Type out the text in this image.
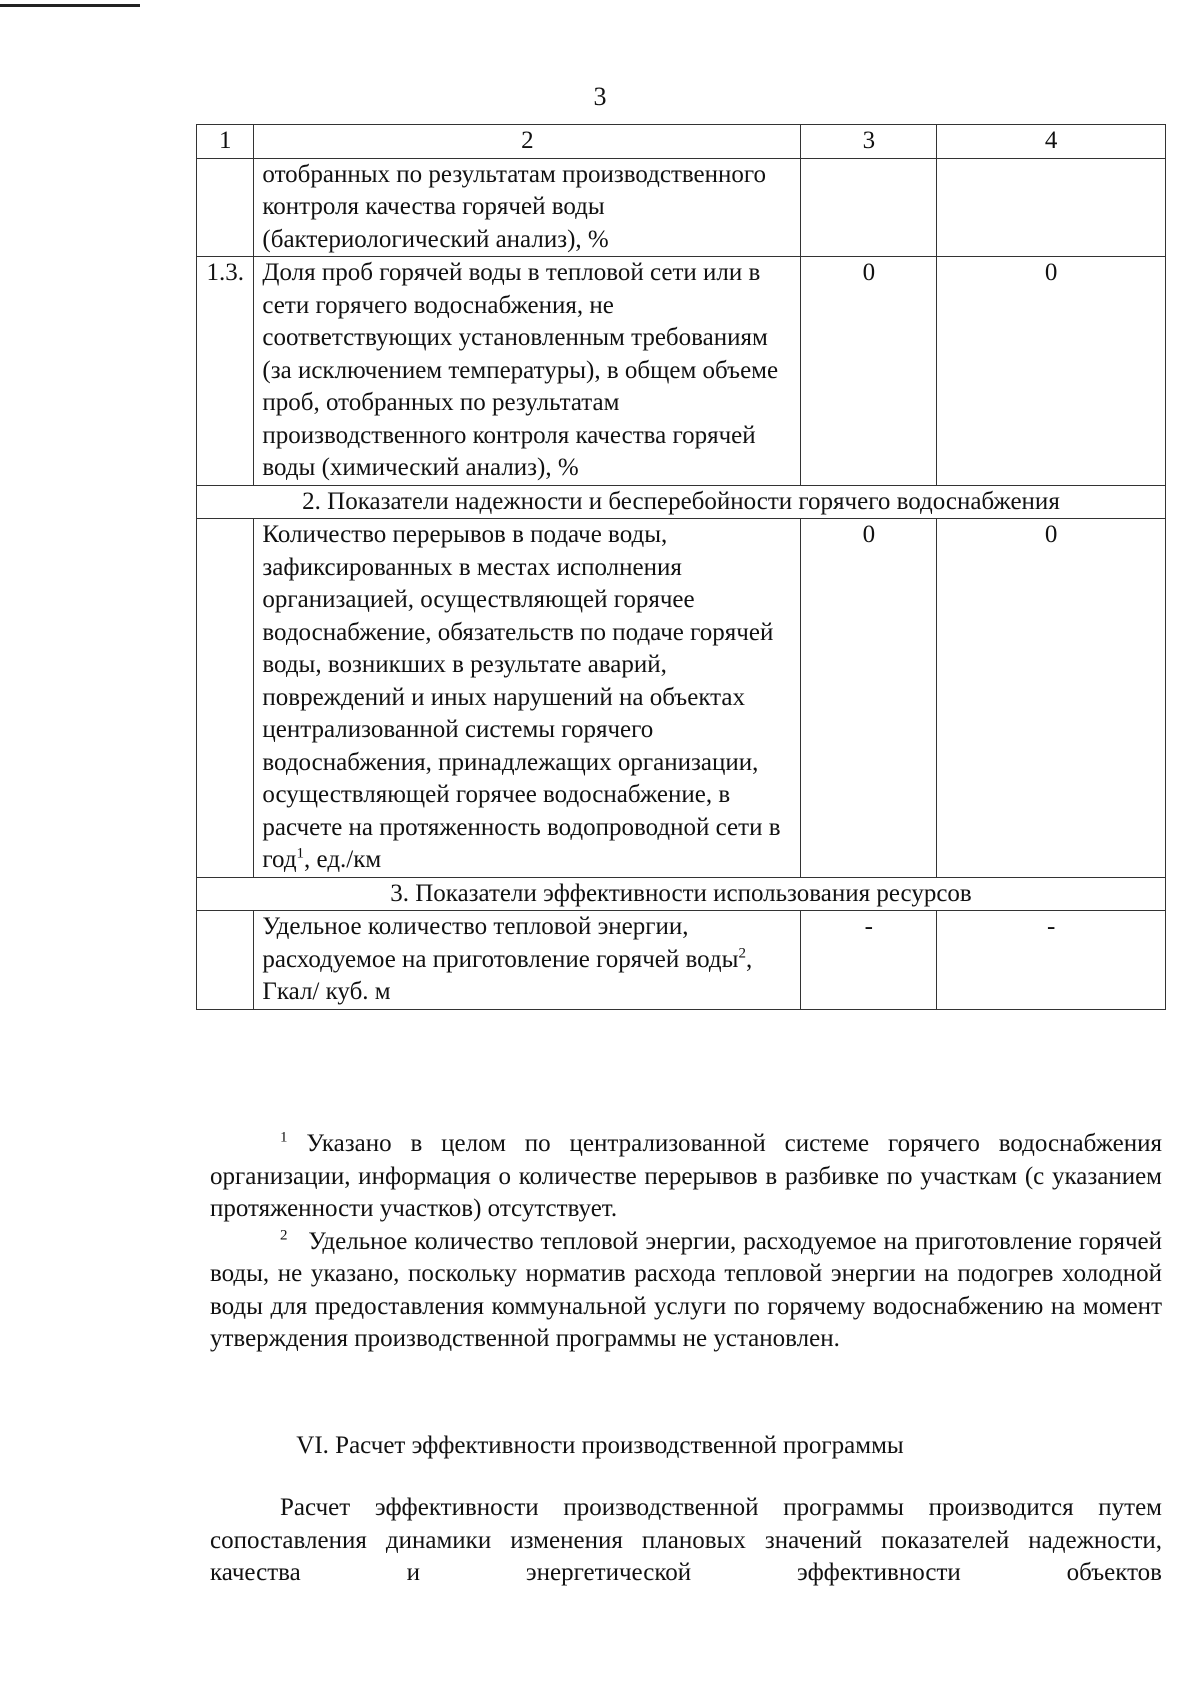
3
1	2	3	4
	отобранных по результатам производственного контроля качества горячей воды (бактериологический анализ), %		
1.3.	Доля проб горячей воды в тепловой сети или в сети горячего водоснабжения, не соответствующих установленным требованиям (за исключением температуры), в общем объеме проб, отобранных по результатам производственного контроля качества горячей воды (химический анализ), %	0	0
2. Показатели надежности и бесперебойности горячего водоснабжения			
	Количество перерывов в подаче воды, зафиксированных в местах исполнения организацией, осуществляющей горячее водоснабжение, обязательств по подаче горячей воды, возникших в результате аварий, повреждений и иных нарушений на объектах централизованной системы горячего водоснабжения, принадлежащих организации, осуществляющей горячее водоснабжение, в расчете на протяженность водопроводной сети в год$^1$, ед./км	0	0
3. Показатели эффективности использования ресурсов			
	Удельное количество тепловой энергии, расходуемое на приготовление горячей воды$^2$, Гкал/ куб. м	-	-

$^1$ Указано в целом по централизованной системе горячего водоснабжения организации, информация о количестве перерывов в разбивке по участкам (с указанием протяженности участков) отсутствует.

$^2$ Удельное количество тепловой энергии, расходуемое на приготовление горячей воды, не указано, поскольку норматив расхода тепловой энергии на подогрев холодной воды для предоставления коммунальной услуги по горячему водоснабжению на момент утверждения производственной программы не установлен.

VI. Расчет эффективности производственной программы

Расчет эффективности производственной программы производится путем сопоставления динамики изменения плановых значений показателей надежности, качества и энергетической эффективности объектов
